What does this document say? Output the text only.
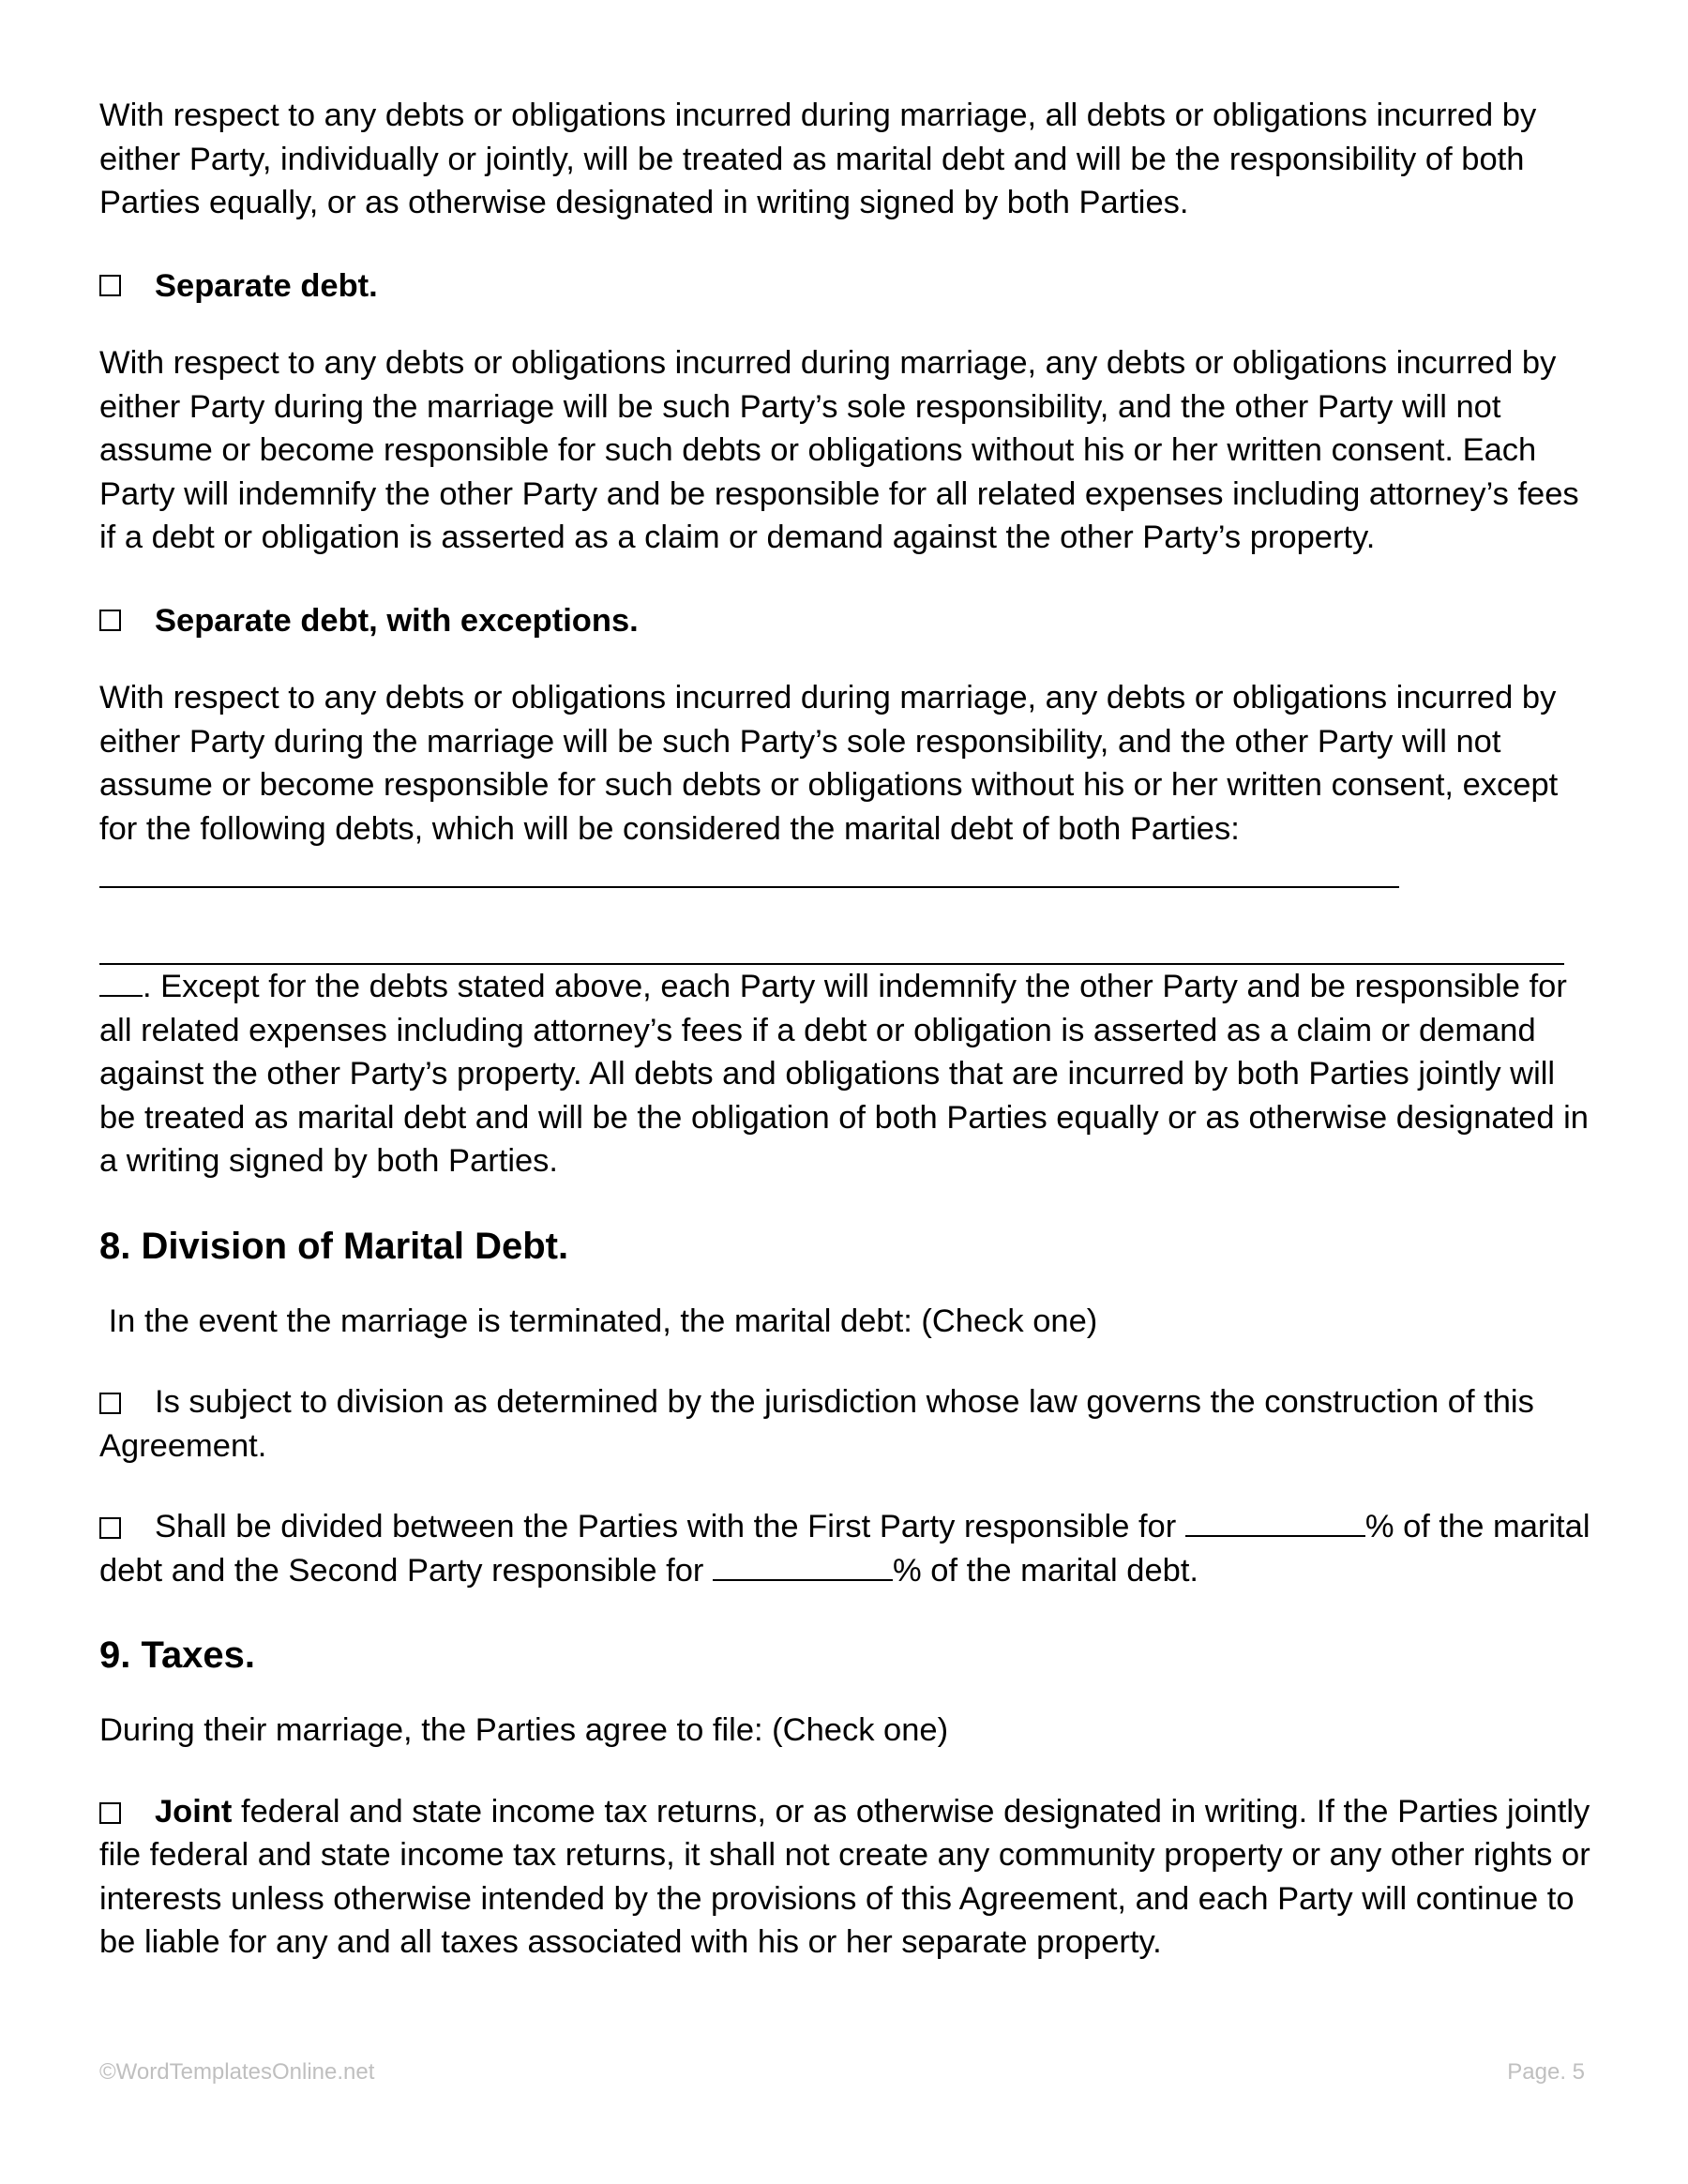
With respect to any debts or obligations incurred during marriage, all debts or obligations incurred by either Party, individually or jointly, will be treated as marital debt and will be the responsibility of both Parties equally, or as otherwise designated in writing signed by both Parties.

Separate debt.

With respect to any debts or obligations incurred during marriage, any debts or obligations incurred by either Party during the marriage will be such Party’s sole responsibility, and the other Party will not assume or become responsible for such debts or obligations without his or her written consent. Each Party will indemnify the other Party and be responsible for all related expenses including attorney’s fees if a debt or obligation is asserted as a claim or demand against the other Party’s property.

Separate debt, with exceptions.

With respect to any debts or obligations incurred during marriage, any debts or obligations incurred by either Party during the marriage will be such Party’s sole responsibility, and the other Party will not assume or become responsible for such debts or obligations without his or her written consent, except for the following debts, which will be considered the marital debt of both Parties:

. Except for the debts stated above, each Party will indemnify the other Party and be responsible for all related expenses including attorney’s fees if a debt or obligation is asserted as a claim or demand against the other Party’s property. All debts and obligations that are incurred by both Parties jointly will be treated as marital debt and will be the obligation of both Parties equally or as otherwise designated in a writing signed by both Parties.

8. Division of Marital Debt.

In the event the marriage is terminated, the marital debt: (Check one)

Is subject to division as determined by the jurisdiction whose law governs the construction of this Agreement.

Shall be divided between the Parties with the First Party responsible for	% of the marital debt and the Second Party responsible for	% of the marital debt.

9. Taxes.

During their marriage, the Parties agree to file: (Check one)

Joint federal and state income tax returns, or as otherwise designated in writing. If the Parties jointly file federal and state income tax returns, it shall not create any community property or any other rights or interests unless otherwise intended by the provisions of this Agreement, and each Party will continue to be liable for any and all taxes associated with his or her separate property.

©WordTemplatesOnline.net	Page. 5
